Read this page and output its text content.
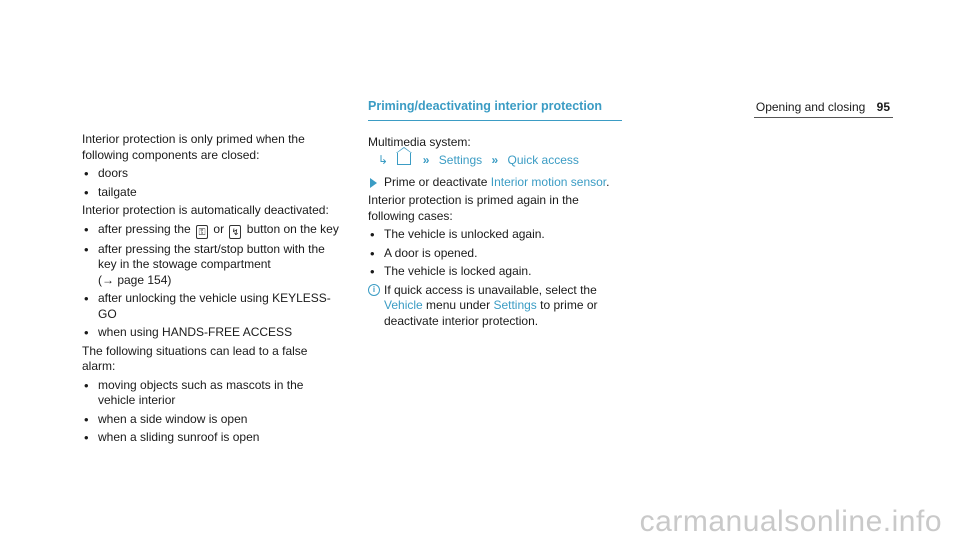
Opening and closing 95

Interior protection is only primed when the following components are closed:

• doors
• tailgate

Interior protection is automatically deactivated:

• after pressing the ⚿ or ↯ button on the key
• after pressing the start/stop button with the key in the stowage compartment
(→ page 154)
• after unlocking the vehicle using KEYLESS-GO
• when using HANDS-FREE ACCESS

The following situations can lead to a false alarm:

• moving objects such as mascots in the vehicle interior
• when a side window is open
• when a sliding sunroof is open
Priming/deactivating interior protection

Multimedia system:

↳	» Settings » Quick access
Prime or deactivate Interior motion sensor.

Interior protection is primed again in the following cases:

• The vehicle is unlocked again.
• A door is opened.
• The vehicle is locked again.
i If quick access is unavailable, select the Vehicle menu under Settings to prime or deactivate interior protection.
carmanualsonline.info
